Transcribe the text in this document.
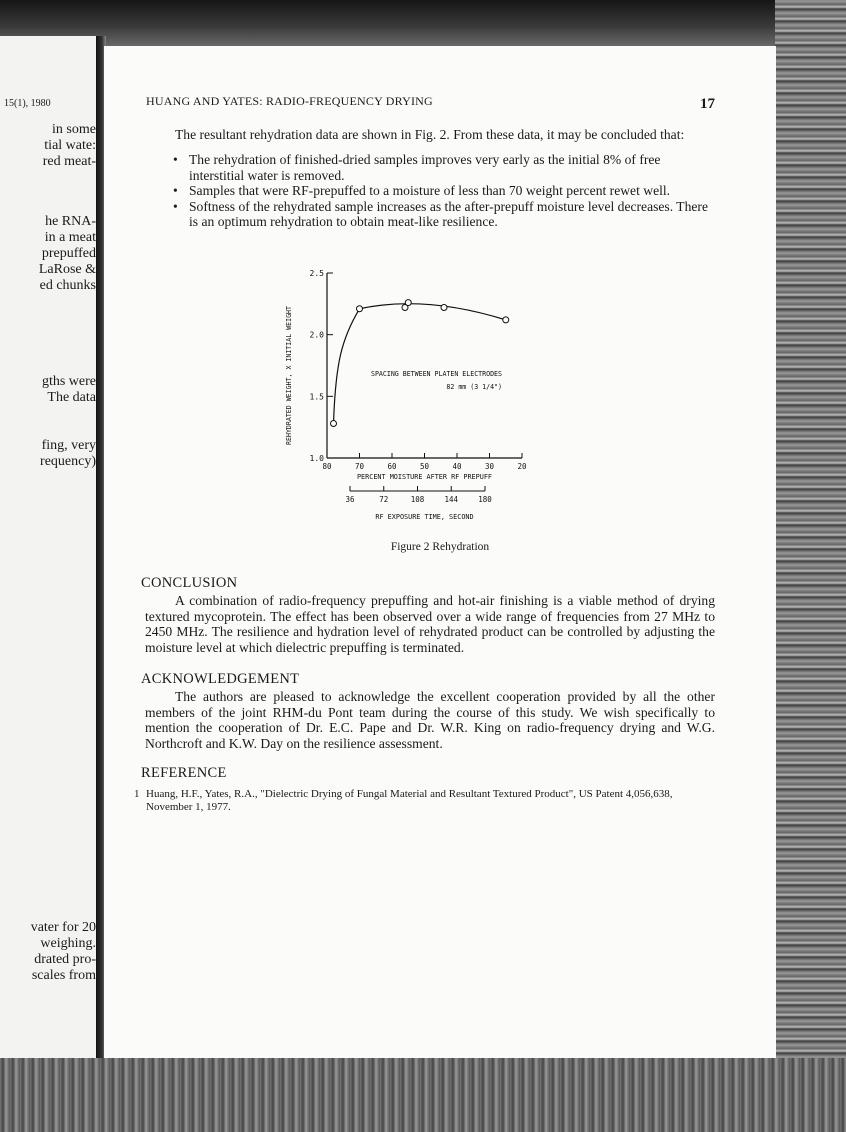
15(1), 1980
in some
tial wate:
red meat-
he RNA-
in a meat
prepuffed
LaRose &
ed chunks
gths were
The data
fing, very
requency)
vater for 20
weighing.
drated pro-
scales from
HUANG AND YATES: RADIO-FREQUENCY DRYING	17
The resultant rehydration data are shown in Fig. 2. From these data, it may be concluded that:
• The rehydration of finished-dried samples improves very early as the initial 8% of free interstitial water is removed.
• Samples that were RF-prepuffed to a moisture of less than 70 weight percent rewet well.
• Softness of the rehydrated sample increases as the after-prepuff moisture level decreases. There is an optimum rehydration to obtain meat-like resilience.
1.0
1.5
2.0
2.5
80	70	60	50	40	30	20
PERCENT MOISTURE AFTER RF PREPUFF
36	72	108	144	180
RF EXPOSURE TIME, SECOND
REHYDRATED WEIGHT, X INITIAL WEIGHT	SPACING BETWEEN PLATEN ELECTRODES
82 mm (3 1/4")
Figure 2 Rehydration
CONCLUSION
A combination of radio-frequency prepuffing and hot-air finishing is a viable method of drying textured mycoprotein. The effect has been observed over a wide range of frequencies from 27 MHz to 2450 MHz. The resilience and hydration level of rehydrated product can be controlled by adjusting the moisture level at which dielectric prepuffing is terminated.
ACKNOWLEDGEMENT
The authors are pleased to acknowledge the excellent cooperation provided by all the other members of the joint RHM-du Pont team during the course of this study. We wish specifically to mention the cooperation of Dr. E.C. Pape and Dr. W.R. King on radio-frequency drying and W.G. Northcroft and K.W. Day on the resilience assessment.
REFERENCE
1 Huang, H.F., Yates, R.A., "Dielectric Drying of Fungal Material and Resultant Textured Product", US Patent 4,056,638, November 1, 1977.
